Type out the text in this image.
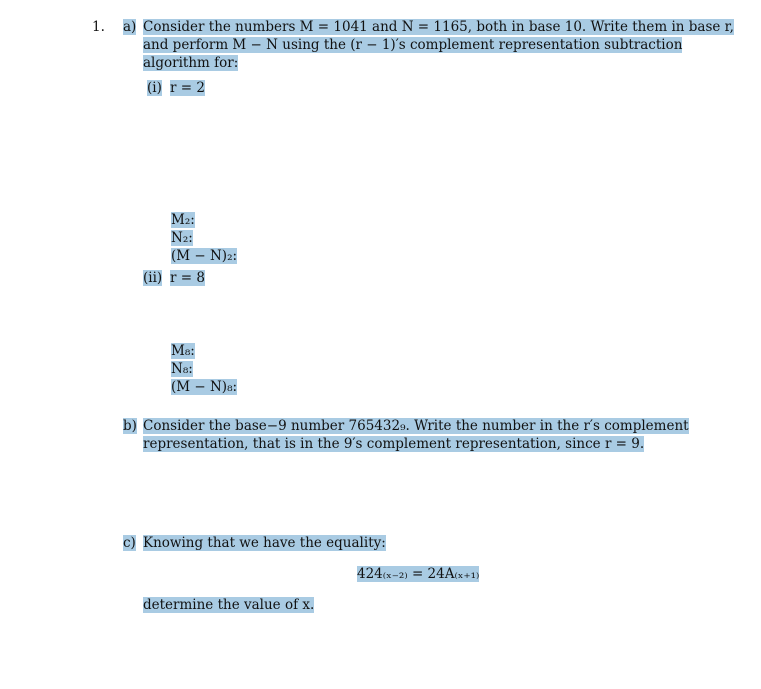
1. a) Consider the numbers M = 1041 and N = 1165, both in base 10. Write them in base r,
and perform M − N using the (r − 1)′s complement representation subtraction
algorithm for:
(i) r = 2
M₂:
N₂:
(M − N)₂:
(ii) r = 8
M₈:
N₈:
(M − N)₈:
b) Consider the base−9 number 765432₉. Write the number in the r′s complement
representation, that is in the 9′s complement representation, since r = 9.
c) Knowing that we have the equality:
424₍ₓ₋₂₎ = 24A₍ₓ₊₁₎
determine the value of x.
